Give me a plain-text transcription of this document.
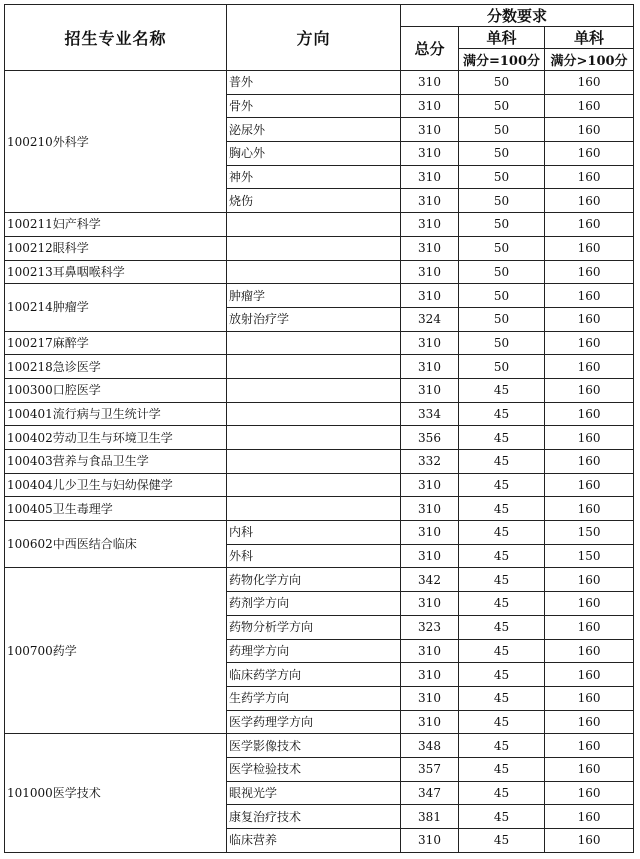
招生专业名称	方向	分数要求		
		总分	单科	单科
			满分=100分	满分>100分
100210外科学	普外	310	50	160
	骨外	310	50	160
	泌尿外	310	50	160
	胸心外	310	50	160
	神外	310	50	160
	烧伤	310	50	160
100211妇产科学		310	50	160
100212眼科学		310	50	160
100213耳鼻咽喉科学		310	50	160
100214肿瘤学	肿瘤学	310	50	160
	放射治疗学	324	50	160
100217麻醉学		310	50	160
100218急诊医学		310	50	160
100300口腔医学		310	45	160
100401流行病与卫生统计学		334	45	160
100402劳动卫生与环境卫生学		356	45	160
100403营养与食品卫生学		332	45	160
100404儿少卫生与妇幼保健学		310	45	160
100405卫生毒理学		310	45	160
100602中西医结合临床	内科	310	45	150
	外科	310	45	150
100700药学	药物化学方向	342	45	160
	药剂学方向	310	45	160
	药物分析学方向	323	45	160
	药理学方向	310	45	160
	临床药学方向	310	45	160
	生药学方向	310	45	160
	医学药理学方向	310	45	160
101000医学技术	医学影像技术	348	45	160
	医学检验技术	357	45	160
	眼视光学	347	45	160
	康复治疗技术	381	45	160
	临床营养	310	45	160
